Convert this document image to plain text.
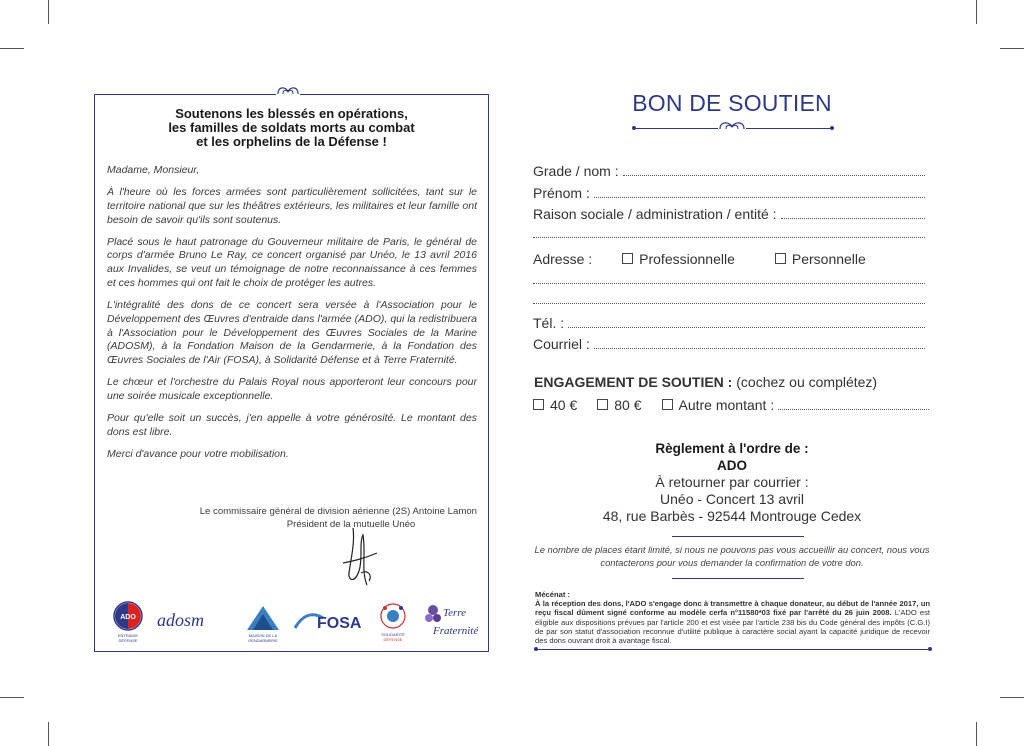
Soutenons les blessés en opérations,
les familles de soldats morts au combat
et les orphelins de la Défense !

Madame, Monsieur,

À l'heure où les forces armées sont particulièrement sollicitées, tant sur le territoire national que sur les théâtres extérieurs, les militaires et leur famille ont besoin de savoir qu'ils sont soutenus.

Placé sous le haut patronage du Gouverneur militaire de Paris, le général de corps d'armée Bruno Le Ray, ce concert organisé par Unéo, le 13 avril 2016 aux Invalides, se veut un témoignage de notre reconnaissance à ces femmes et ces hommes qui ont fait le choix de protéger les autres.

L'intégralité des dons de ce concert sera versée à l'Association pour le Développement des Œuvres d'entraide dans l'armée (ADO), qui la redistribuera à l'Association pour le Développement des Œuvres Sociales de la Marine (ADOSM), à la Fondation Maison de la Gendarmerie, à la Fondation des Œuvres Sociales de l'Air (FOSA), à Solidarité Défense et à Terre Fraternité.

Le chœur et l'orchestre du Palais Royal nous apporteront leur concours pour une soirée musicale exceptionnelle.

Pour qu'elle soit un succès, j'en appelle à votre générosité. Le montant des dons est libre.

Merci d'avance pour votre mobilisation.

Le commissaire général de division aérienne (2S) Antoine Lamon
Président de la mutuelle Unéo
ADO
ENTRAIDE
DÉFENSE
adosm
MAISON DE LA
GENDARMERIE
FOSA
SOLIDARITÉ
DÉFENSE
Terre
Fraternité
BON DE SOUTIEN
Grade / nom :
Prénom :
Raison sociale / administration / entité :
Adresse :	Professionnelle	Personnelle
Tél. :
Courriel :
ENGAGEMENT DE SOUTIEN : (cochez ou complétez)
40 €	80 €	Autre montant :
Règlement à l'ordre de :
ADO
À retourner par courrier :
Unéo - Concert 13 avril
48, rue Barbès - 92544 Montrouge Cedex
Le nombre de places étant limité, si nous ne pouvons pas vous accueillir au concert, nous vous contacterons pour vous demander la confirmation de votre don.
Mécénat :
À la réception des dons, l'ADO s'engage donc à transmettre à chaque donateur, au début de l'année 2017, un reçu fiscal dûment signé conforme au modèle cerfa n°11580*03 fixé par l'arrêté du 26 juin 2008. L'ADO est éligible aux dispositions prévues par l'article 200 et est visée par l'article 238 bis du Code général des impôts (C.G.I) de par son statut d'association reconnue d'utilité publique à caractère social ayant la capacité juridique de recevoir des dons ouvrant droit à avantage fiscal.
